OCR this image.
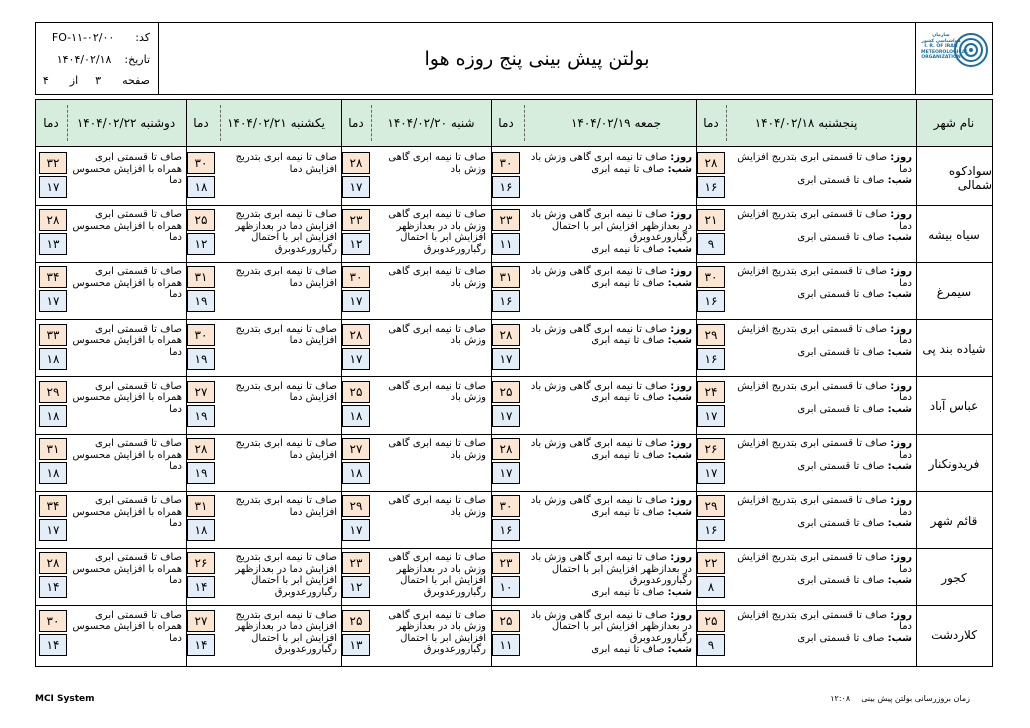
کد:  FO-۱۱-۰۲/۰۰
تاریخ:  ۱۴۰۴/۰۲/۱۸
صفحه  ۳  از  ۴
بولتن پیش بینی پنج روزه هوا
سازمان هواشناسی کشور I. R. OF IRAN METEOROLOGICAL ORGANIZATION
نام شهر
پنجشنبه ۱۴۰۴/۰۲/۱۸
دما
جمعه ۱۴۰۴/۰۲/۱۹
دما
شنبه ۱۴۰۴/۰۲/۲۰
دما
یکشنبه ۱۴۰۴/۰۲/۲۱
دما
دوشنبه ۱۴۰۴/۰۲/۲۲
دما
سوادکوه شمالی
روز: صاف تا قسمتی ابری بتدریج افزایش دما
شب: صاف تا قسمتی ابری
روز: صاف تا نیمه ابری گاهی وزش باد
شب: صاف تا نیمه ابری
صاف تا نیمه ابری گاهی وزش باد
صاف تا نیمه ابری بتدریج افزایش دما
صاف تا قسمتی ابری همراه با افزایش محسوس دما
۲۸
۱۶
۳۰
۱۶
۲۸
۱۷
۳۰
۱۸
۳۲
۱۷
سیاه بیشه
روز: صاف تا قسمتی ابری بتدریج افزایش دما
شب: صاف تا قسمتی ابری
روز: صاف تا نیمه ابری گاهی وزش باد در بعدازظهر افزایش ابر با احتمال رگبارورعدوبرق
شب: صاف تا نیمه ابری
صاف تا نیمه ابری گاهی وزش باد در بعدازظهر افزایش ابر با احتمال رگبارورعدوبرق
صاف تا نیمه ابری بتدریج افزایش دما در بعدازظهر افزایش ابر با احتمال رگبارورعدوبرق
صاف تا قسمتی ابری همراه با افزایش محسوس دما
۲۱
۹
۲۳
۱۱
۲۳
۱۲
۲۵
۱۲
۲۸
۱۳
سیمرغ
روز: صاف تا قسمتی ابری بتدریج افزایش دما
شب: صاف تا قسمتی ابری
روز: صاف تا نیمه ابری گاهی وزش باد
شب: صاف تا نیمه ابری
صاف تا نیمه ابری گاهی وزش باد
صاف تا نیمه ابری بتدریج افزایش دما
صاف تا قسمتی ابری همراه با افزایش محسوس دما
۳۰
۱۶
۳۱
۱۶
۳۰
۱۷
۳۱
۱۹
۳۴
۱۷
شیاده بند پی
روز: صاف تا قسمتی ابری بتدریج افزایش دما
شب: صاف تا قسمتی ابری
روز: صاف تا نیمه ابری گاهی وزش باد
شب: صاف تا نیمه ابری
صاف تا نیمه ابری گاهی وزش باد
صاف تا نیمه ابری بتدریج افزایش دما
صاف تا قسمتی ابری همراه با افزایش محسوس دما
۲۹
۱۶
۲۸
۱۷
۲۸
۱۷
۳۰
۱۹
۳۳
۱۸
عباس آباد
روز: صاف تا قسمتی ابری بتدریج افزایش دما
شب: صاف تا قسمتی ابری
روز: صاف تا نیمه ابری گاهی وزش باد
شب: صاف تا نیمه ابری
صاف تا نیمه ابری گاهی وزش باد
صاف تا نیمه ابری بتدریج افزایش دما
صاف تا قسمتی ابری همراه با افزایش محسوس دما
۲۴
۱۷
۲۵
۱۷
۲۵
۱۸
۲۷
۱۹
۲۹
۱۸
فریدونکنار
روز: صاف تا قسمتی ابری بتدریج افزایش دما
شب: صاف تا قسمتی ابری
روز: صاف تا نیمه ابری گاهی وزش باد
شب: صاف تا نیمه ابری
صاف تا نیمه ابری گاهی وزش باد
صاف تا نیمه ابری بتدریج افزایش دما
صاف تا قسمتی ابری همراه با افزایش محسوس دما
۲۶
۱۷
۲۸
۱۷
۲۷
۱۸
۲۸
۱۹
۳۱
۱۸
قائم شهر
روز: صاف تا قسمتی ابری بتدریج افزایش دما
شب: صاف تا قسمتی ابری
روز: صاف تا نیمه ابری گاهی وزش باد
شب: صاف تا نیمه ابری
صاف تا نیمه ابری گاهی وزش باد
صاف تا نیمه ابری بتدریج افزایش دما
صاف تا قسمتی ابری همراه با افزایش محسوس دما
۲۹
۱۶
۳۰
۱۶
۲۹
۱۷
۳۱
۱۸
۳۴
۱۷
کجور
روز: صاف تا قسمتی ابری بتدریج افزایش دما
شب: صاف تا قسمتی ابری
روز: صاف تا نیمه ابری گاهی وزش باد در بعدازظهر افزایش ابر با احتمال رگبارورعدوبرق
شب: صاف تا نیمه ابری
صاف تا نیمه ابری گاهی وزش باد در بعدازظهر افزایش ابر با احتمال رگبارورعدوبرق
صاف تا نیمه ابری بتدریج افزایش دما در بعدازظهر افزایش ابر با احتمال رگبارورعدوبرق
صاف تا قسمتی ابری همراه با افزایش محسوس دما
۲۲
۸
۲۳
۱۰
۲۳
۱۲
۲۶
۱۴
۲۸
۱۴
کلاردشت
روز: صاف تا قسمتی ابری بتدریج افزایش دما
شب: صاف تا قسمتی ابری
روز: صاف تا نیمه ابری گاهی وزش باد در بعدازظهر افزایش ابر با احتمال رگبارورعدوبرق
شب: صاف تا نیمه ابری
صاف تا نیمه ابری گاهی وزش باد در بعدازظهر افزایش ابر با احتمال رگبارورعدوبرق
صاف تا نیمه ابری بتدریج افزایش دما در بعدازظهر افزایش ابر با احتمال رگبارورعدوبرق
صاف تا قسمتی ابری همراه با افزایش محسوس دما
۲۵
۹
۲۵
۱۱
۲۵
۱۳
۲۷
۱۴
۳۰
۱۴
MCI System	زمان بروزرسانی بولتن پیش بینی  ۱۲:۰۸
